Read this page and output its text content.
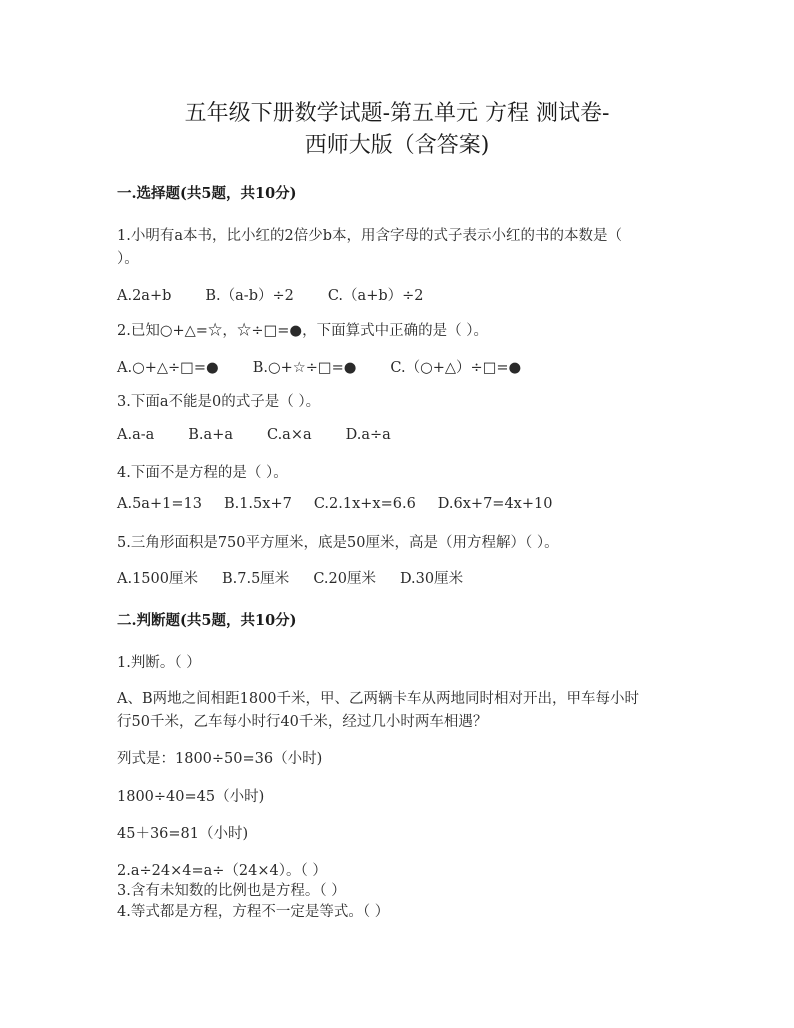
五年级下册数学试题-第五单元 方程 测试卷-
西师大版（含答案)
一.选择题(共5题，共10分)
1.小明有a本书，比小红的2倍少b本，用含字母的式子表示小红的书的本数是（
）。
A.2a+b B.（a-b）÷2 C.（a+b）÷2
2.已知○+△=☆，☆÷□=●，下面算式中正确的是（ ）。
A.○+△÷□=● B.○+☆÷□=● C.（○+△）÷□=●
3.下面a不能是0的式子是（ ）。
A.a-a B.a+a C.a×a D.a÷a
4.下面不是方程的是（ ）。
A.5a+1=13 B.1.5x+7 C.2.1x+x=6.6 D.6x+7=4x+10
5.三角形面积是750平方厘米，底是50厘米，高是（用方程解）（ ）。
A.1500厘米 B.7.5厘米 C.20厘米 D.30厘米
二.判断题(共5题，共10分)
1.判断。（ ）
A、B两地之间相距1800千米，甲、乙两辆卡车从两地同时相对开出，甲车每小时
行50千米，乙车每小时行40千米，经过几小时两车相遇？
列式是：1800÷50=36（小时)
1800÷40=45（小时)
45＋36=81（小时)
2.a÷24×4=a÷（24×4）。（ ）
3.含有未知数的比例也是方程。（ ）
4.等式都是方程，方程不一定是等式。（ ）
